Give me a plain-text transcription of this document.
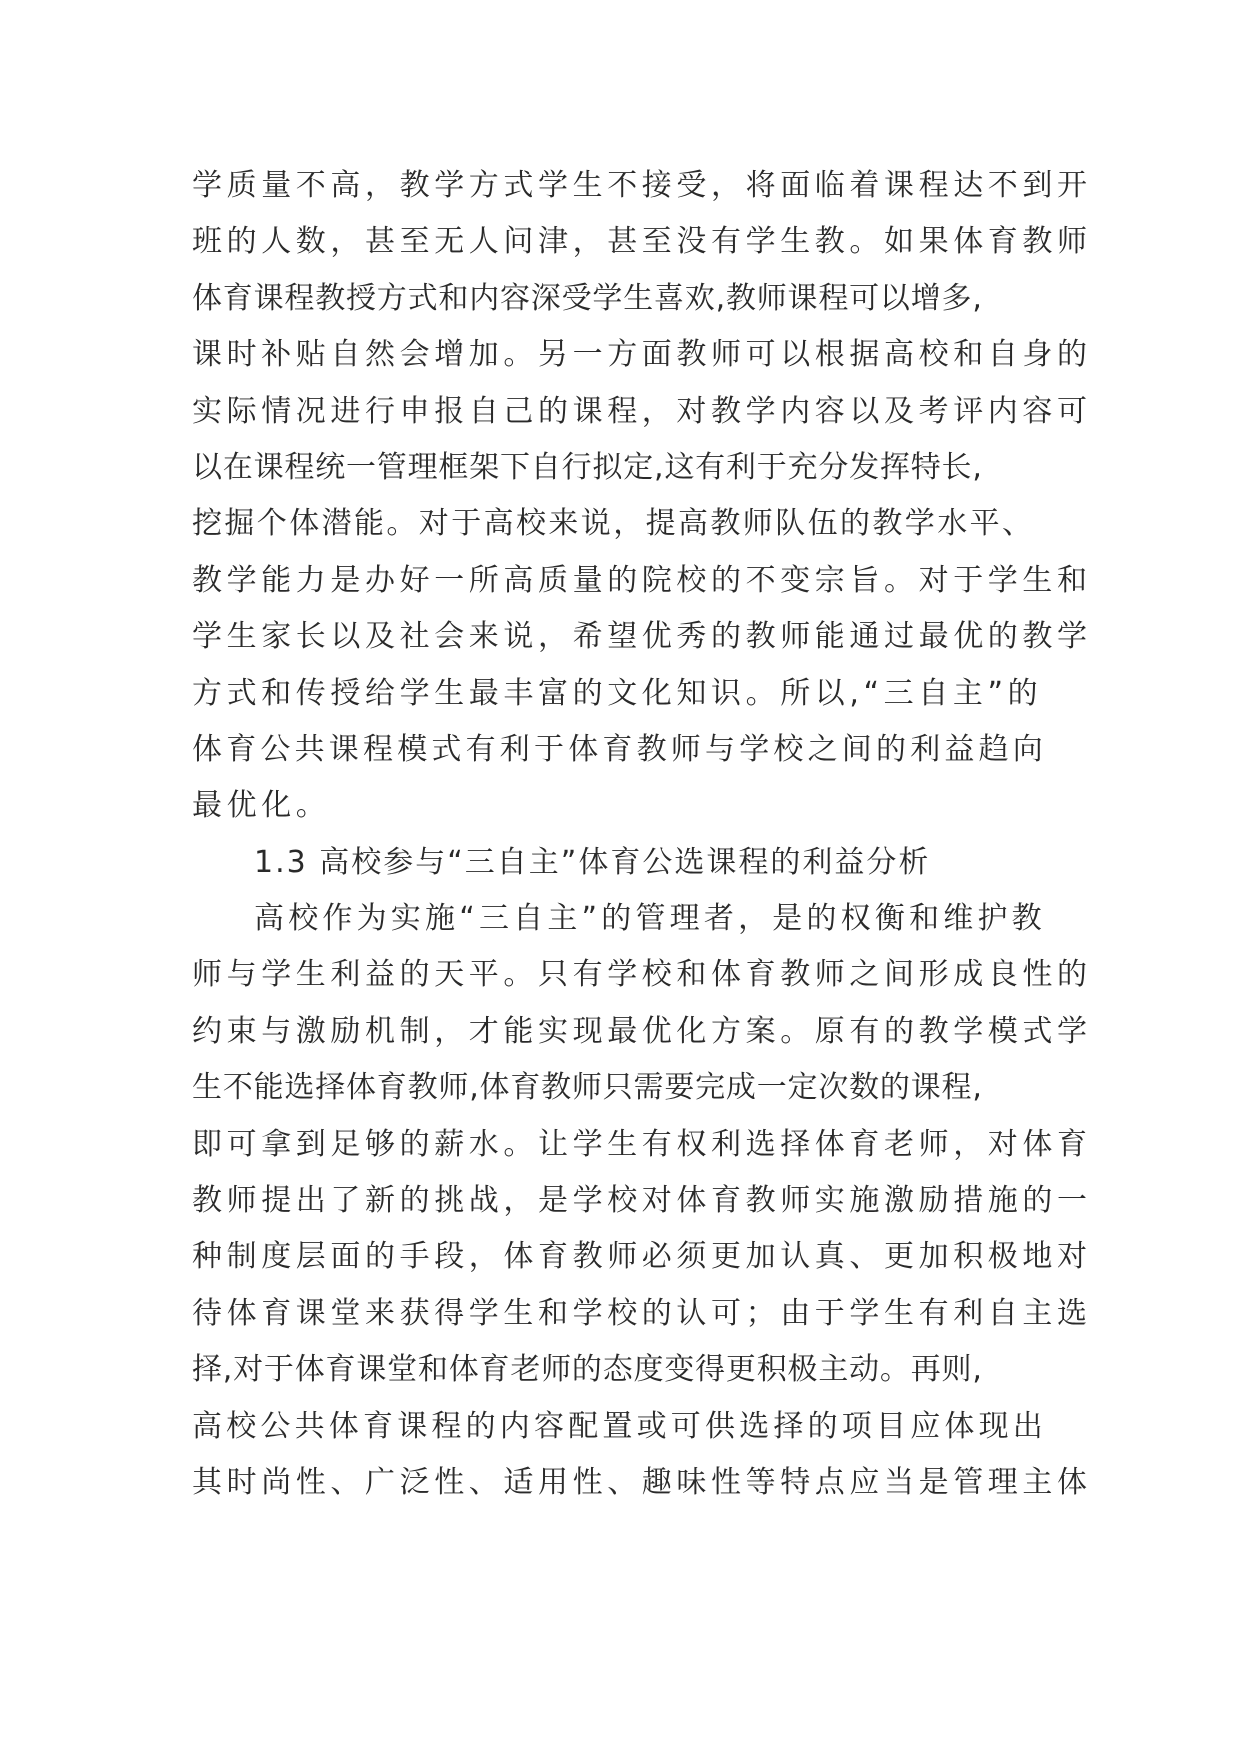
学质量不高，教学方式学生不接受，将面临着课程达不到开
班的人数，甚至无人问津，甚至没有学生教。如果体育教师
体育课程教授方式和内容深受学生喜欢,教师课程可以增多,
课时补贴自然会增加。另一方面教师可以根据高校和自身的
实际情况进行申报自己的课程，对教学内容以及考评内容可
以在课程统一管理框架下自行拟定,这有利于充分发挥特长,
挖掘个体潜能。对于高校来说，提高教师队伍的教学水平、
教学能力是办好一所高质量的院校的不变宗旨。对于学生和
学生家长以及社会来说，希望优秀的教师能通过最优的教学
方式和传授给学生最丰富的文化知识。所以,“三自主”的
体育公共课程模式有利于体育教师与学校之间的利益趋向
最优化。
1.3 高校参与“三自主”体育公选课程的利益分析
高校作为实施“三自主”的管理者，是的权衡和维护教
师与学生利益的天平。只有学校和体育教师之间形成良性的
约束与激励机制，才能实现最优化方案。原有的教学模式学
生不能选择体育教师,体育教师只需要完成一定次数的课程,
即可拿到足够的薪水。让学生有权利选择体育老师，对体育
教师提出了新的挑战，是学校对体育教师实施激励措施的一
种制度层面的手段，体育教师必须更加认真、更加积极地对
待体育课堂来获得学生和学校的认可；由于学生有利自主选
择,对于体育课堂和体育老师的态度变得更积极主动。再则,
高校公共体育课程的内容配置或可供选择的项目应体现出
其时尚性、广泛性、适用性、趣味性等特点应当是管理主体
